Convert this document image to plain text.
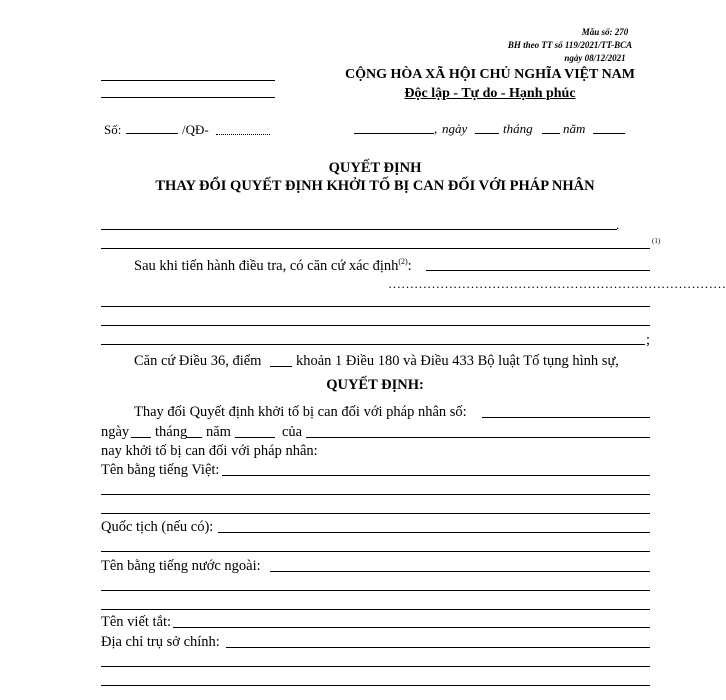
Mẫu số: 270
BH theo TT số 119/2021/TT-BCA
ngày 08/12/2021
CỘNG HÒA XÃ HỘI CHỦ NGHĨA VIỆT NAM
Độc lập - Tự do - Hạnh phúc
Số:	/QĐ-	, ngày	tháng năm
QUYẾT ĐỊNH
THAY ĐỔI QUYẾT ĐỊNH KHỞI TỐ BỊ CAN ĐỐI VỚI PHÁP NHÂN
.
(1)
Sau khi tiến hành điều tra, có căn cứ xác định$^{(2)}$:
……………………………………………………………………
;
Căn cứ Điều 36, điểm khoản 1 Điều 180 và Điều 433 Bộ luật Tố tụng hình sự,
QUYẾT ĐỊNH:
Thay đổi Quyết định khởi tố bị can đối với pháp nhân số:
ngày tháng năm	của
nay khởi tố bị can đối với pháp nhân:
Tên bằng tiếng Việt:
Quốc tịch (nếu có):
Tên bằng tiếng nước ngoài:
Tên viết tắt:
Địa chỉ trụ sở chính:
